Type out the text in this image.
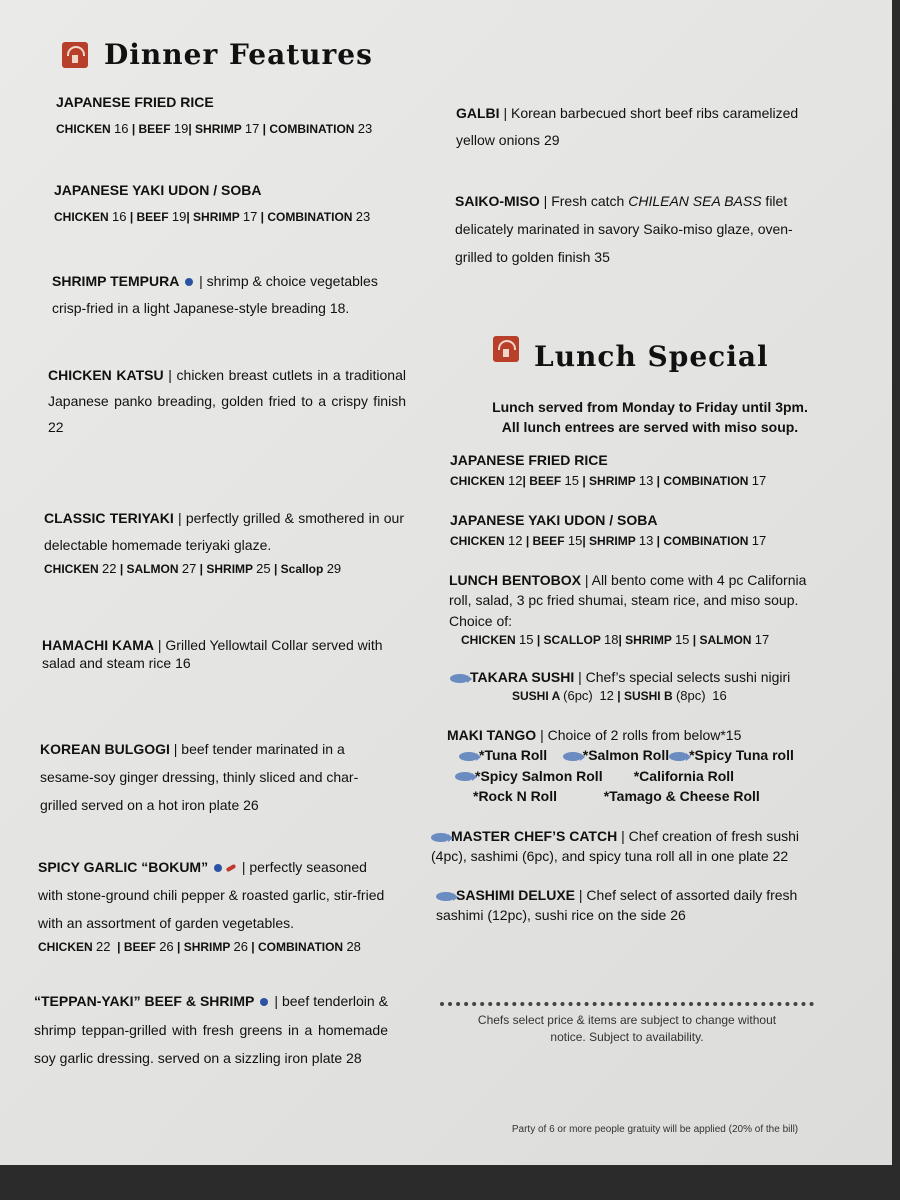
Dinner Features
JAPANESE FRIED RICE
CHICKEN 16 | BEEF 19| SHRIMP 17 | COMBINATION 23
JAPANESE YAKI UDON / SOBA
CHICKEN 16 | BEEF 19| SHRIMP 17 | COMBINATION 23
SHRIMP TEMPURA  | shrimp & choice vegetables
crisp-fried in a light Japanese-style breading 18.
CHICKEN KATSU | chicken breast cutlets in a traditional Japanese panko breading, golden fried to a crispy finish 22
CLASSIC TERIYAKI | perfectly grilled & smothered in our delectable homemade teriyaki glaze.
CHICKEN 22 | SALMON 27 | SHRIMP 25 | Scallop 29
HAMACHI KAMA | Grilled Yellowtail Collar served with salad and steam rice 16
KOREAN BULGOGI | beef tender marinated in a sesame-soy ginger dressing, thinly sliced and char-grilled served on a hot iron plate 26
SPICY GARLIC “BOKUM”  | perfectly seasoned with stone-ground chili pepper & roasted garlic, stir-fried with an assortment of garden vegetables.
CHICKEN 22  | BEEF 26 | SHRIMP 26 | COMBINATION 28
“TEPPAN-YAKI” BEEF & SHRIMP  | beef tenderloin & shrimp teppan-grilled with fresh greens in a homemade soy garlic dressing. served on a sizzling iron plate 28
GALBI | Korean barbecued short beef ribs caramelized yellow onions 29
SAIKO-MISO | Fresh catch CHILEAN SEA BASS filet delicately marinated in savory Saiko-miso glaze, oven-grilled to golden finish 35
Lunch Special
Lunch served from Monday to Friday until 3pm.
All lunch entrees are served with miso soup.
JAPANESE FRIED RICE
CHICKEN 12| BEEF 15 | SHRIMP 13 | COMBINATION 17
JAPANESE YAKI UDON / SOBA
CHICKEN 12 | BEEF 15| SHRIMP 13 | COMBINATION 17
LUNCH BENTOBOX | All bento come with 4 pc California roll, salad, 3 pc fried shumai, steam rice, and miso soup.
Choice of:
CHICKEN 15 | SCALLOP 18| SHRIMP 15 | SALMON 17
TAKARA SUSHI | Chef’s special selects sushi nigiri
SUSHI A (6pc) 12 | SUSHI B (8pc) 16
MAKI TANGO | Choice of 2 rolls from below*15
*Tuna Roll	*Salmon Roll *Spicy Tuna roll
*Spicy Salmon Roll *California Roll
*Rock N Roll	*Tamago & Cheese Roll
MASTER CHEF’S CATCH | Chef creation of fresh sushi (4pc), sashimi (6pc), and spicy tuna roll all in one plate 22
SASHIMI DELUXE | Chef select of assorted daily fresh sashimi (12pc), sushi rice on the side 26
Chefs select price & items are subject to change without
notice. Subject to availability.
Party of 6 or more people gratuity will be applied (20% of the bill)
